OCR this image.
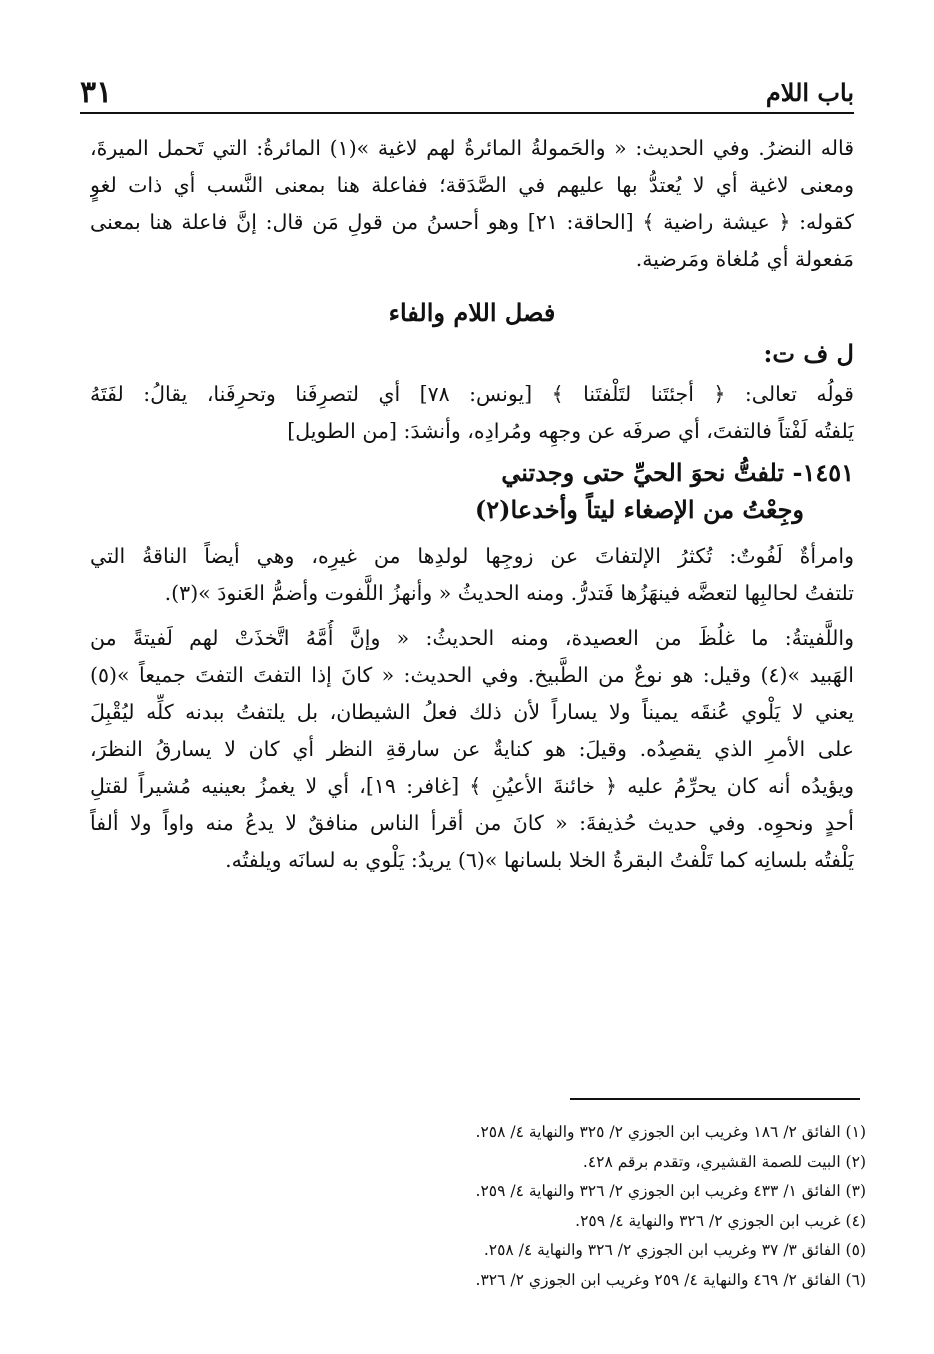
باب اللام
٣١
قاله النضرُ. وفي الحديث: « والحَمولةُ المائرةُ لهم لاغية »(١) المائرةُ: التي تَحمل الميرةَ،
ومعنى لاغية أي لا يُعتدُّ بها عليهم في الصَّدَقة؛ ففاعلة هنا بمعنى النَّسب أي ذات لغوٍ
كقوله: ﴿ عيشة راضية ﴾ [الحاقة: ٢١] وهو أحسنُ من قولِ مَن قال: إنَّ فاعلة هنا بمعنى
مَفعولة أي مُلغاة ومَرضية.
فصل اللام والفاء
ل ف ت:
قولُه تعالى: ﴿ أجئتَنا لتَلْفتَنا ﴾ [يونس: ٧٨] أي لتصرِفَنا وتحرِفَنا، يقالُ: لفَتَهُ
يَلفتُه لَفْتاً فالتفتَ، أي صرفَه عن وجهِه ومُرادِه، وأنشدَ: [من الطويل]
١٤٥١- تلفتُّ نحوَ الحيِّ حتى وجدتني
وجِعْتُ من الإصغاء ليتاً وأخدعا(٢)
وامرأةٌ لَفُوتٌ: تُكثرُ الإلتفاتَ عن زوجِها لولدِها من غيرِه، وهي أيضاً الناقةُ التي
تلتفتُ لحالبِها لتعضَّه فينهَزُها فَتدرُّ. ومنه الحديثُ « وأنهزُ اللَّفوت وأضمُّ العَنودَ »(٣).
واللَّفيتةُ: ما غلُظَ من العصيدة، ومنه الحديثُ: « وإنَّ أُمَّهُ اتَّخذَتْ لهم لَفيتةً من
الهَبيد »(٤) وقيل: هو نوعٌ من الطَّبيخ. وفي الحديث: « كانَ إذا التفتَ التفتَ جميعاً »(٥)
يعني لا يَلْوي عُنقَه يميناً ولا يساراً لأن ذلك فعلُ الشيطان، بل يلتفتُ ببدنه كلِّه ليُقْبِلَ
على الأمرِ الذي يقصِدُه. وقيلَ: هو كنايةٌ عن سارقةِ النظر أي كان لا يسارقُ النظرَ،
ويؤيدُه أنه كان يحرِّمُ عليه ﴿ خائنةَ الأعيُنِ ﴾ [غافر: ١٩]، أي لا يغمزُ بعينيه مُشيراً لقتلِ
أحدٍ ونحوِه. وفي حديث حُذيفةَ: « كانَ من أقرأ الناس منافقٌ لا يدعُ منه واواً ولا ألفاً
يَلْفتُه بلسانِه كما تَلْفتُ البقرةُ الخلا بلسانها »(٦) يريدُ: يَلْوي به لسانَه ويلفتُه.
(١) الفائق ٢/ ١٨٦ وغريب ابن الجوزي ٢/ ٣٢٥ والنهاية ٤/ ٢٥٨.
(٢) البيت للصمة القشيري، وتقدم برقم ٤٢٨.
(٣) الفائق ١/ ٤٣٣ وغريب ابن الجوزي ٢/ ٣٢٦ والنهاية ٤/ ٢٥٩.
(٤) غريب ابن الجوزي ٢/ ٣٢٦ والنهاية ٤/ ٢٥٩.
(٥) الفائق ٣/ ٣٧ وغريب ابن الجوزي ٢/ ٣٢٦ والنهاية ٤/ ٢٥٨.
(٦) الفائق ٢/ ٤٦٩ والنهاية ٤/ ٢٥٩ وغريب ابن الجوزي ٢/ ٣٢٦.
